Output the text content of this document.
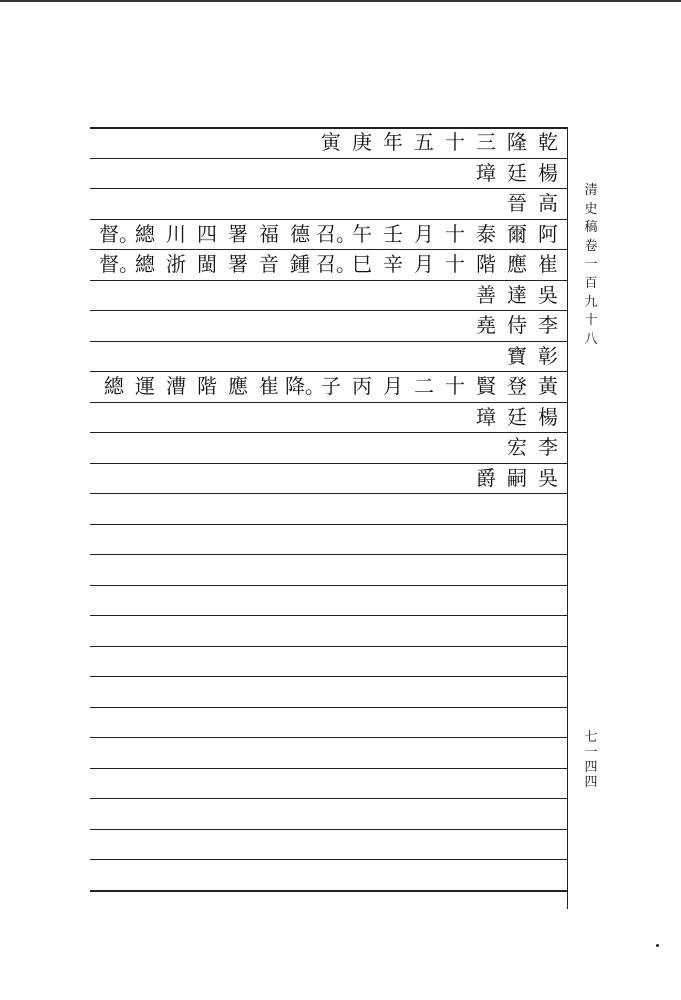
乾
隆
三
十
五
年
庚
寅
楊
廷
璋
高
晉
阿
爾
泰
十
月
壬
午
召。
德
福
署
四
川
總
督。
崔
應
階
十
月
辛
巳
召。
鍾
音
署
閩
浙
總
督。
吳
達
善
李
侍
堯
彰
寶
黃
登
賢
十
二
月
丙
子
降。
崔
應
階
漕
運
總
楊
廷
璋
李
宏
吳
嗣
爵
清史稿卷一百九十八
七一四四
